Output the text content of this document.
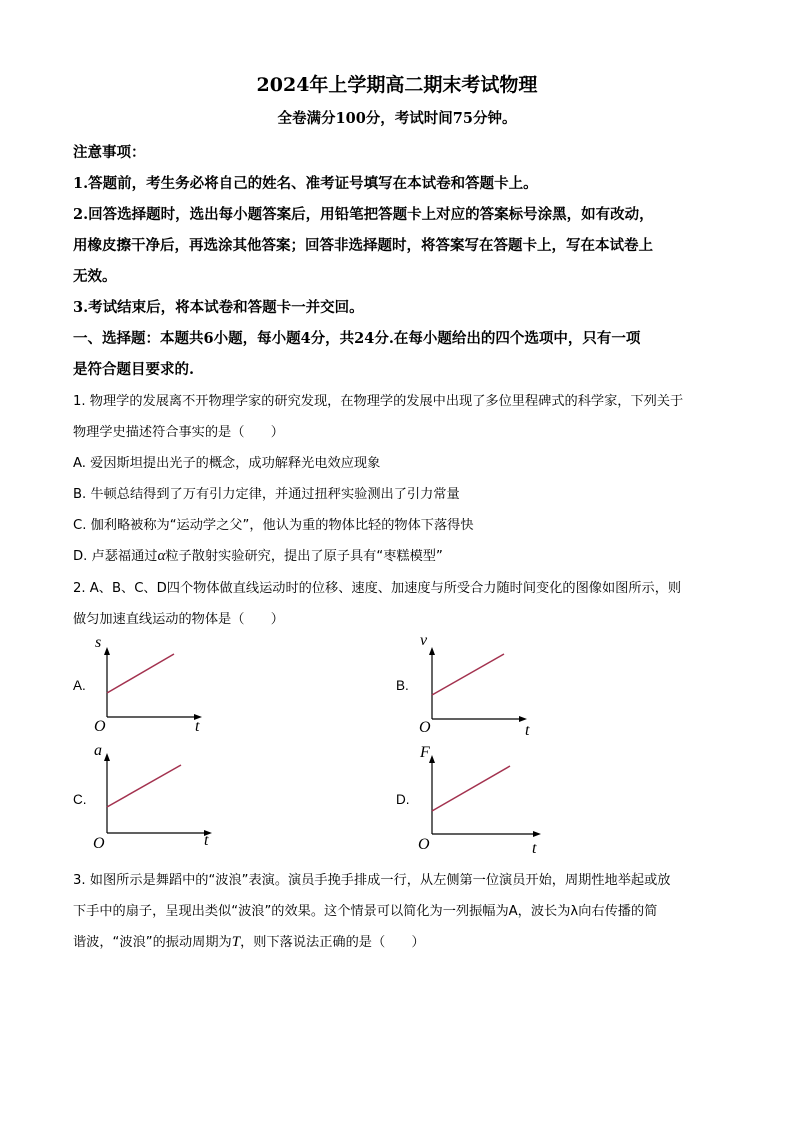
2024年上学期高二期末考试物理
全卷满分100分，考试时间75分钟。
注意事项：
1.答题前，考生务必将自己的姓名、准考证号填写在本试卷和答题卡上。
2.回答选择题时，选出每小题答案后，用铅笔把答题卡上对应的答案标号涂黑，如有改动，
用橡皮擦干净后，再选涂其他答案；回答非选择题时，将答案写在答题卡上，写在本试卷上
无效。
3.考试结束后，将本试卷和答题卡一并交回。
一、选择题：本题共6小题，每小题4分，共24分.在每小题给出的四个选项中，只有一项
是符合题目要求的.
1. 物理学的发展离不开物理学家的研究发现，在物理学的发展中出现了多位里程碑式的科学家，下列关于
物理学史描述符合事实的是（　　）
A. 爱因斯坦提出光子的概念，成功解释光电效应现象
B. 牛顿总结得到了万有引力定律，并通过扭秤实验测出了引力常量
C. 伽利略被称为“运动学之父”，他认为重的物体比轻的物体下落得快
D. 卢瑟福通过α粒子散射实验研究，提出了原子具有“枣糕模型”
2. A、B、C、D四个物体做直线运动时的位移、速度、加速度与所受合力随时间变化的图像如图所示，则
做匀加速直线运动的物体是（　　）
A.
s
O	t
B.
v
O	t
C.
a
O	t
D.
F
O	t
3. 如图所示是舞蹈中的“波浪”表演。演员手挽手排成一行，从左侧第一位演员开始，周期性地举起或放
下手中的扇子，呈现出类似“波浪”的效果。这个情景可以简化为一列振幅为A，波长为λ向右传播的简
谐波，“波浪”的振动周期为T，则下落说法正确的是（　　）
